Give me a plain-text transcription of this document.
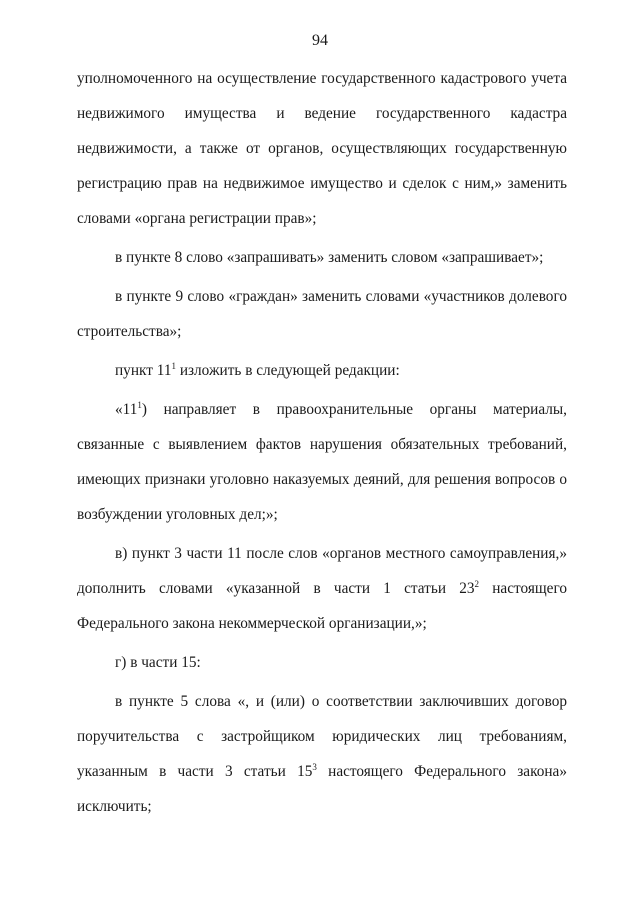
94
уполномоченного на осуществление государственного кадастрового учета
недвижимого имущества и ведение государственного кадастра
недвижимости, а также от органов, осуществляющих государственную
регистрацию прав на недвижимое имущество и сделок с ним,» заменить
словами «органа регистрации прав»;
в пункте 8 слово «запрашивать» заменить словом «запрашивает»;
в пункте 9 слово «граждан» заменить словами «участников долевого
строительства»;
пункт $11^1$ изложить в следующей редакции:
«$11^1$) направляет в правоохранительные органы материалы,
связанные с выявлением фактов нарушения обязательных требований,
имеющих признаки уголовно наказуемых деяний, для решения вопросов о
возбуждении уголовных дел;»;
в) пункт 3 части 11 после слов «органов местного самоуправления,»
дополнить словами «указанной в части 1 статьи $23^2$ настоящего
Федерального закона некоммерческой организации,»;
г) в части 15:
в пункте 5 слова «, и (или) о соответствии заключивших договор
поручительства с застройщиком юридических лиц требованиям,
указанным в части 3 статьи $15^3$ настоящего Федерального закона»
исключить;
